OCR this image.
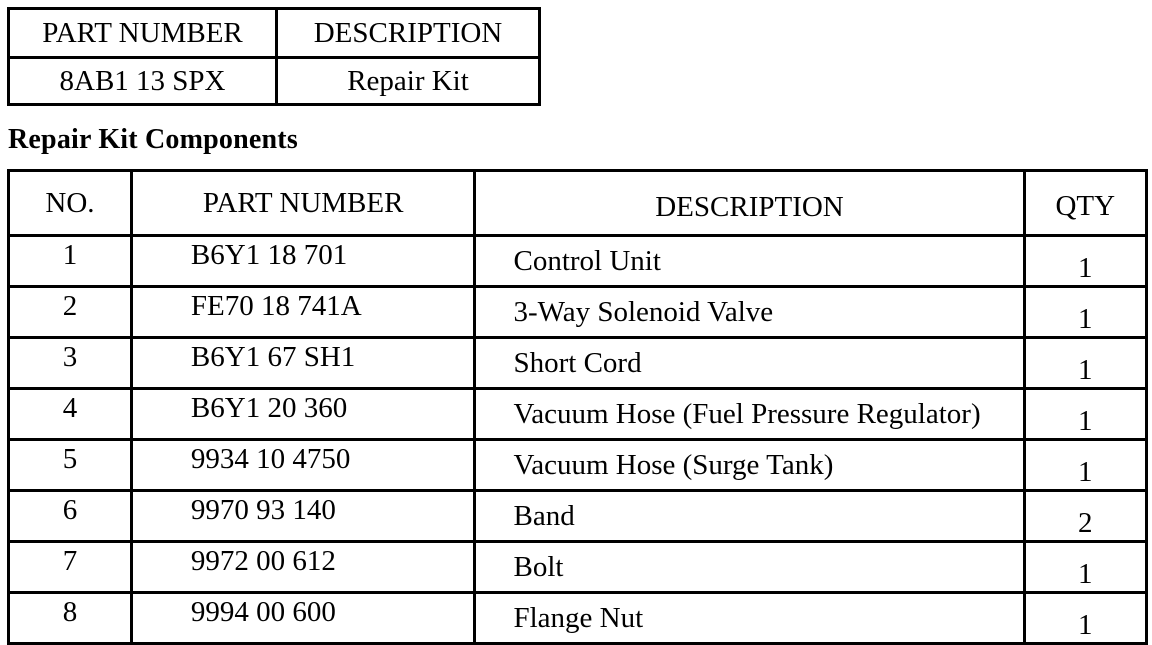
PART NUMBER	DESCRIPTION
8AB1 13 SPX	Repair Kit
Repair Kit Components
NO.	PART NUMBER	DESCRIPTION	QTY
1	B6Y1 18 701	Control Unit	1
2	FE70 18 741A	3-Way Solenoid Valve	1
3	B6Y1 67 SH1	Short Cord	1
4	B6Y1 20 360	Vacuum Hose (Fuel Pressure Regulator)	1
5	9934 10 4750	Vacuum Hose (Surge Tank)	1
6	9970 93 140	Band	2
7	9972 00 612	Bolt	1
8	9994 00 600	Flange Nut	1
